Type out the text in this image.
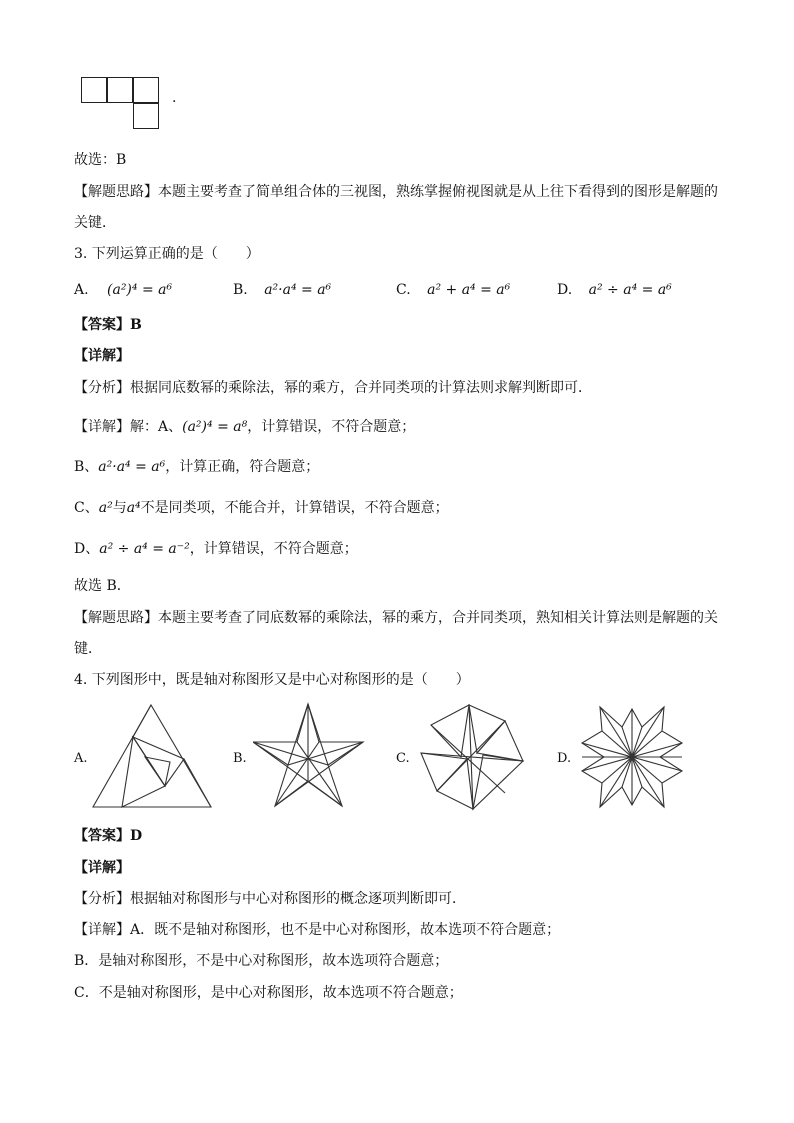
.
故选：B
【解题思路】本题主要考查了简单组合体的三视图，熟练掌握俯视图就是从上往下看得到的图形是解题的
关键．
3. 下列运算正确的是（　　）
A. (a²)⁴ = a⁶	B. a²·a⁴ = a⁶	C. a² + a⁴ = a⁶	D. a² ÷ a⁴ = a⁶
【答案】B
【详解】
【分析】根据同底数幂的乘除法，幂的乘方，合并同类项的计算法则求解判断即可．
【详解】解：A、(a²)⁴ = a⁸，计算错误，不符合题意；
B、a²·a⁴ = a⁶，计算正确，符合题意；
C、a²与a⁴不是同类项，不能合并，计算错误，不符合题意；
D、a² ÷ a⁴ = a⁻²，计算错误，不符合题意；
故选 B．
【解题思路】本题主要考查了同底数幂的乘除法，幂的乘方，合并同类项，熟知相关计算法则是解题的关
键．
4. 下列图形中，既是轴对称图形又是中心对称图形的是（　　）
A.	B.	C.	D.
【答案】D
【详解】
【分析】根据轴对称图形与中心对称图形的概念逐项判断即可．
【详解】A．既不是轴对称图形，也不是中心对称图形，故本选项不符合题意；
B．是轴对称图形，不是中心对称图形，故本选项符合题意；
C．不是轴对称图形，是中心对称图形，故本选项不符合题意；
